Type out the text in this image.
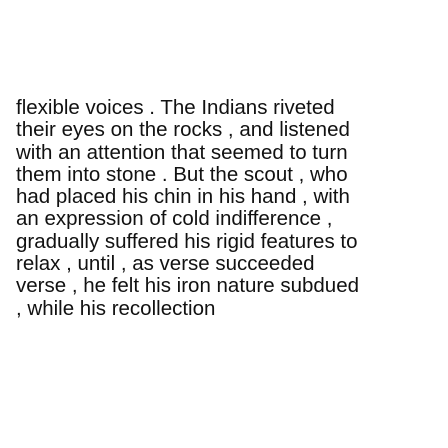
flexible voices . The Indians riveted
their eyes on the rocks , and listened
with an attention that seemed to turn
them into stone . But the scout , who
had placed his chin in his hand , with
an expression of cold indifference ,
gradually suffered his rigid features to
relax , until , as verse succeeded
verse , he felt his iron nature subdued
, while his recollection
